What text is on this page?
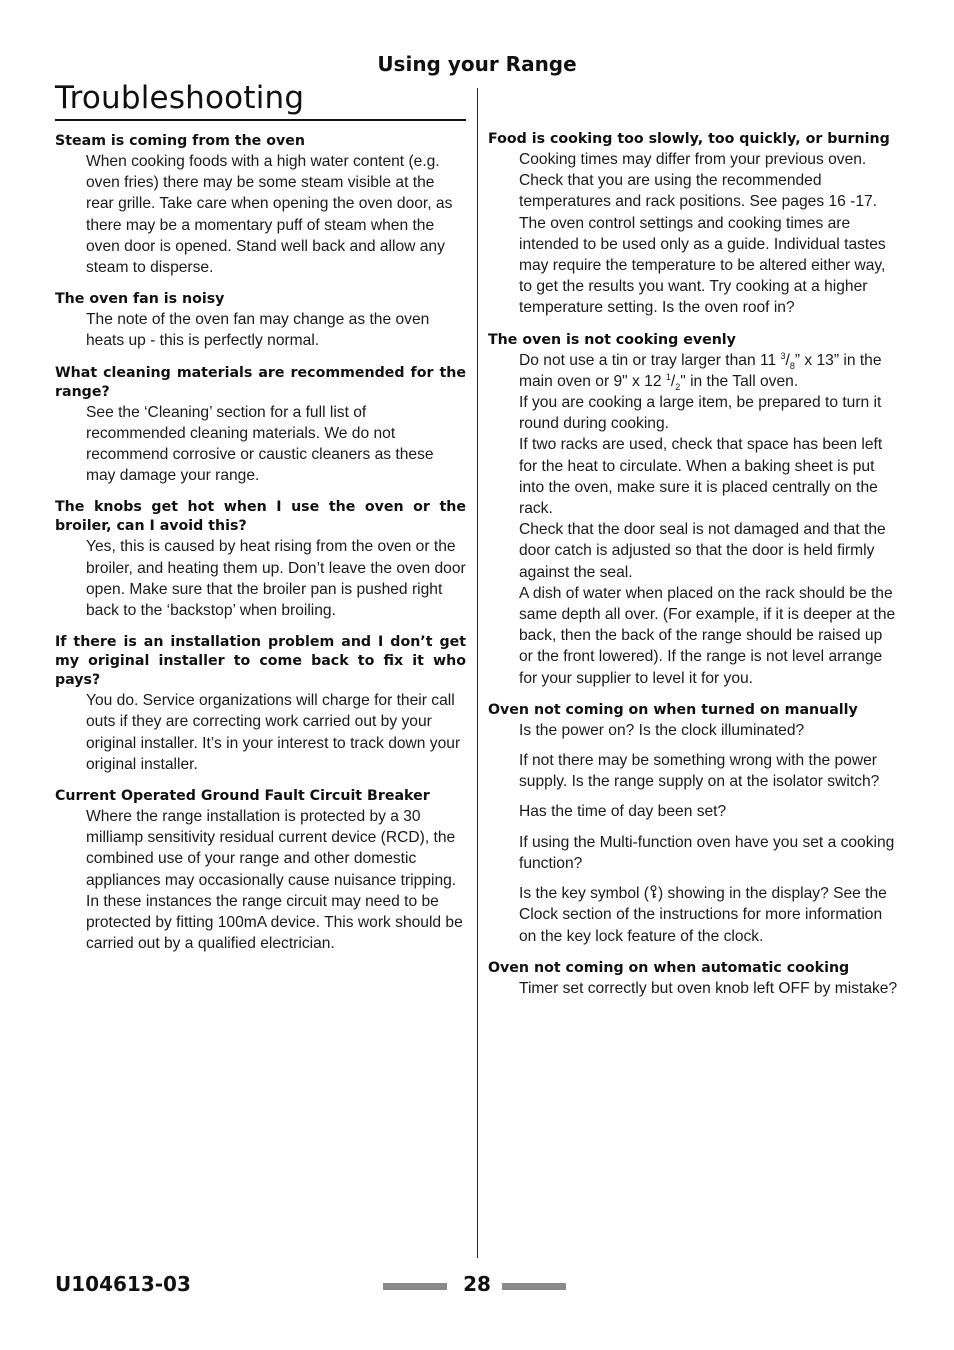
Using your Range
Troubleshooting

Steam is coming from the oven

When cooking foods with a high water content (e.g. oven fries) there may be some steam visible at the rear grille. Take care when opening the oven door, as there may be a momentary puff of steam when the oven door is opened. Stand well back and allow any steam to disperse.

The oven fan is noisy

The note of the oven fan may change as the oven heats up - this is perfectly normal.

What cleaning materials are recommended for the range?

See the ‘Cleaning’ section for a full list of recommended cleaning materials. We do not recommend corrosive or caustic cleaners as these may damage your range.

The knobs get hot when I use the oven or the broiler, can I avoid this?

Yes, this is caused by heat rising from the oven or the broiler, and heating them up. Don’t leave the oven door open. Make sure that the broiler pan is pushed right back to the ‘backstop’ when broiling.

If there is an installation problem and I don’t get my original installer to come back to fix it who pays?

You do. Service organizations will charge for their call outs if they are correcting work carried out by your original installer. It’s in your interest to track down your original installer.

Current Operated Ground Fault Circuit Breaker

Where the range installation is protected by a 30 milliamp sensitivity residual current device (RCD), the combined use of your range and other domestic appliances may occasionally cause nuisance tripping. In these instances the range circuit may need to be protected by fitting 100mA device. This work should be carried out by a qualified electrician.

Food is cooking too slowly, too quickly, or burning

Cooking times may differ from your previous oven. Check that you are using the recommended temperatures and rack positions. See pages 16 -17. The oven control settings and cooking times are intended to be used only as a guide. Individual tastes may require the temperature to be altered either way, to get the results you want. Try cooking at a higher temperature setting. Is the oven roof in?

The oven is not cooking evenly

Do not use a tin or tray larger than 11 $^3/_8$” x 13” in the main oven or 9" x 12 $^1/_2$" in the Tall oven.

If you are cooking a large item, be prepared to turn it round during cooking.

If two racks are used, check that space has been left for the heat to circulate. When a baking sheet is put into the oven, make sure it is placed centrally on the rack.

Check that the door seal is not damaged and that the door catch is adjusted so that the door is held firmly against the seal.

A dish of water when placed on the rack should be the same depth all over. (For example, if it is deeper at the back, then the back of the range should be raised up or the front lowered). If the range is not level arrange for your supplier to level it for you.

Oven not coming on when turned on manually

Is the power on? Is the clock illuminated?

If not there may be something wrong with the power supply. Is the range supply on at the isolator switch?

Has the time of day been set?

If using the Multi-function oven have you set a cooking function?

Is the key symbol ( ) showing in the display? See the Clock section of the instructions for more information on the key lock feature of the clock.

Oven not coming on when automatic cooking

Timer set correctly but oven knob left OFF by mistake?

U104613-03	28
